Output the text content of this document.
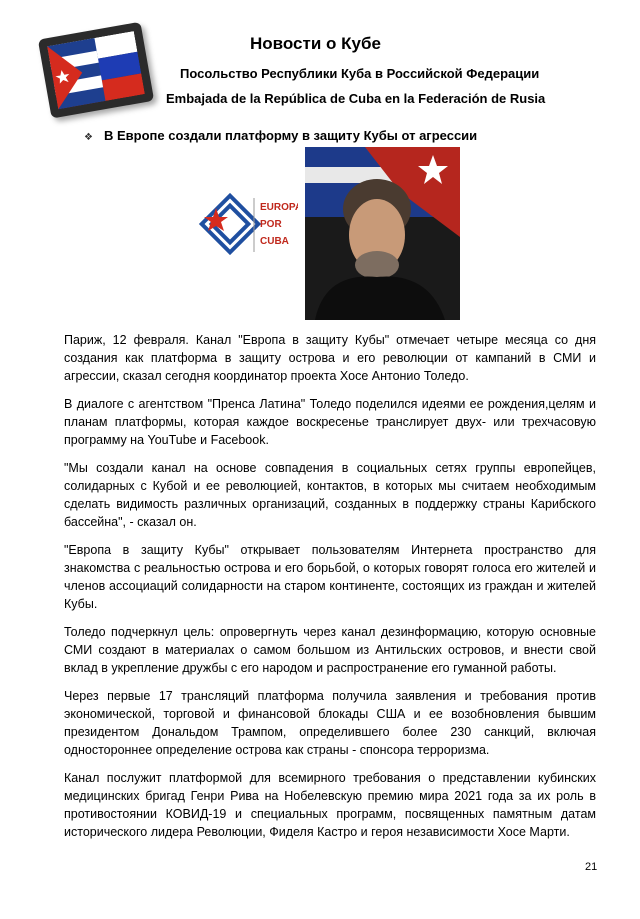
Новости о Кубе
Посольство Республики Куба в Российской Федерации
Embajada de la República de Cuba en la Federación de Rusia
❖ В Европе создали платформу в защиту Кубы от агрессии
EUROPA
POR
CUBA

Париж, 12 февраля. Канал "Европа в защиту Кубы" отмечает четыре месяца со дня создания как платформа в защиту острова и его революции от кампаний в СМИ и агрессии, сказал сегодня координатор проекта Хосе Антонио Толедо.

В диалоге с агентством "Пренса Латина" Толедо поделился идеями ее рождения,целям и планам платформы, которая каждое воскресенье транслирует двух- или трехчасовую программу на YouTube и Facebook.

"Мы создали канал на основе совпадения в социальных сетях группы европейцев, солидарных с Кубой и ее революцией, контактов, в которых мы считаем необходимым сделать видимость различных организаций, созданных в поддержку страны Карибского бассейна", - сказал он.

"Европа в защиту Кубы" открывает пользователям Интернета пространство для знакомства с реальностью острова и его борьбой, о которых говорят голоса его жителей и членов ассоциаций солидарности на старом континенте, состоящих из граждан и жителей Кубы.

Толедо подчеркнул цель: опровергнуть через канал дезинформацию, которую основные СМИ создают в материалах о самом большом из Антильских островов, и внести свой вклад в укрепление дружбы с его народом и распространение его гуманной работы.

Через первые 17 трансляций платформа получила заявления и требования против экономической, торговой и финансовой блокады США и ее возобновления бывшим президентом Дональдом Трампом, определившего более 230 санкций, включая одностороннее определение острова как страны - спонсора терроризма.

Канал послужит платформой для всемирного требования о представлении кубинских медицинских бригад Генри Рива на Нобелевскую премию мира 2021 года за их роль в противостоянии КОВИД-19 и специальных программ, посвященных памятным датам исторического лидера Революции, Фиделя Кастро и героя независимости Хосе Марти.

21
